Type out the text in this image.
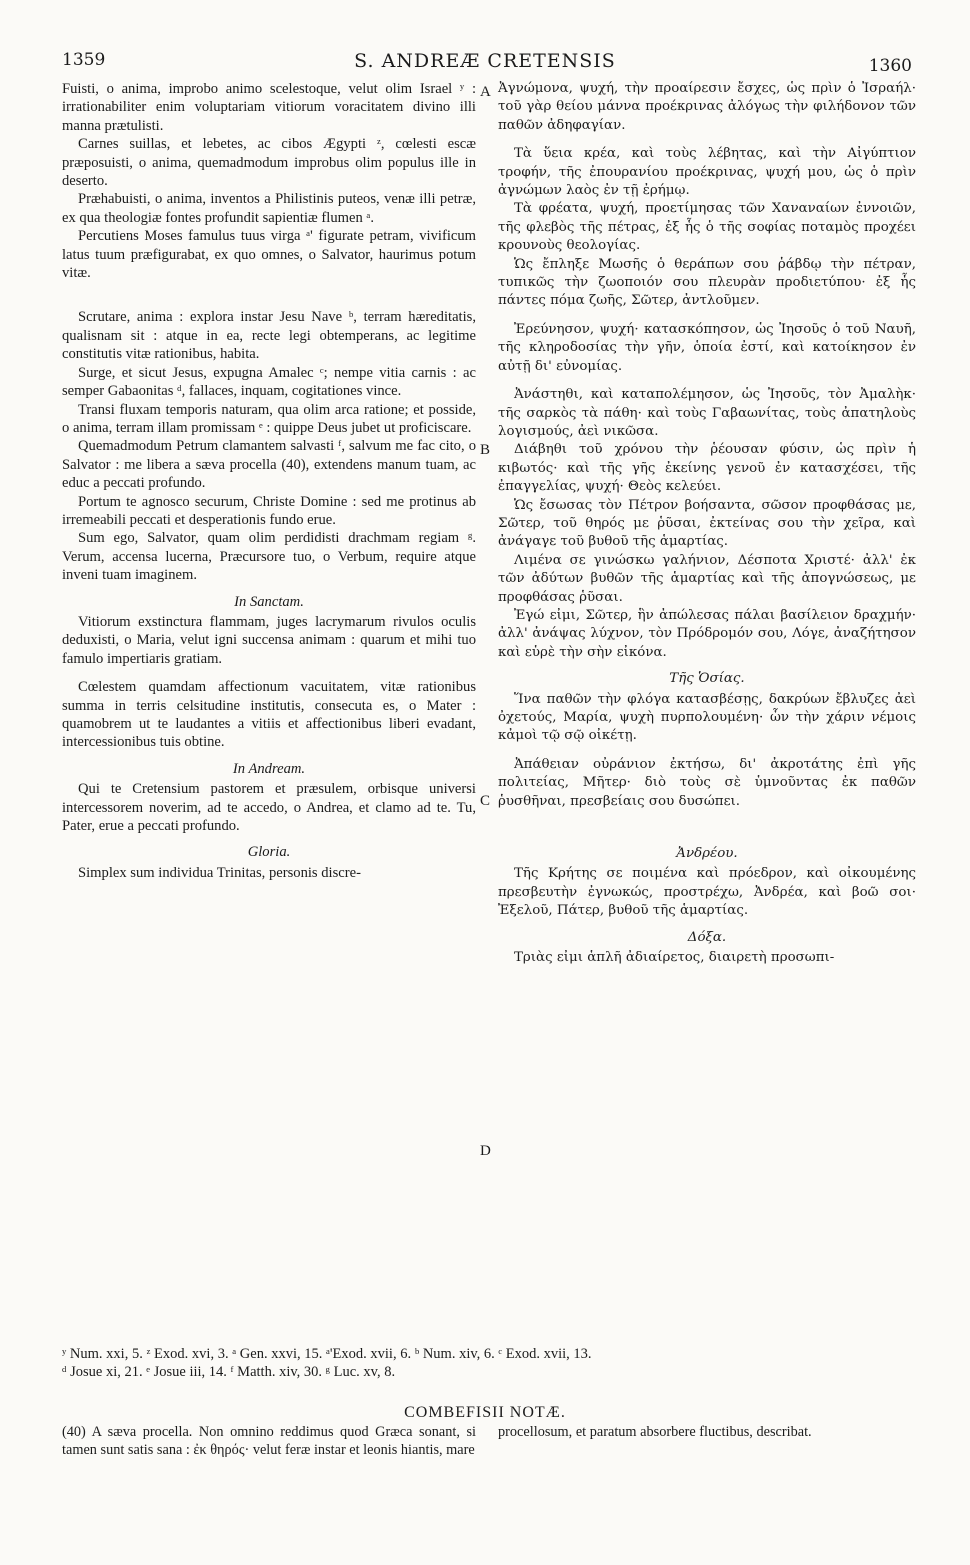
1359	S. ANDREÆ CRETENSIS	1360
A
B
C
D

Fuisti, o anima, improbo animo scelestoque, velut olim Israel ʸ : irrationabiliter enim voluptariam vitiorum voracitatem divino illi manna prætulisti.

Carnes suillas, et lebetes, ac cibos Ægypti ᶻ, cœlesti escæ præposuisti, o anima, quemadmodum improbus olim populus ille in deserto.

Præhabuisti, o anima, inventos a Philistinis puteos, venæ illi petræ, ex qua theologiæ fontes profundit sapientiæ flumen ᵃ.

Percutiens Moses famulus tuus virga ᵃ' figurate petram, vivificum latus tuum præfigurabat, ex quo omnes, o Salvator, haurimus potum vitæ.

Scrutare, anima : explora instar Jesu Nave ᵇ, terram hæreditatis, qualisnam sit : atque in ea, recte legi obtemperans, ac legitime constitutis vitæ rationibus, habita.

Surge, et sicut Jesus, expugna Amalec ᶜ; nempe vitia carnis : ac semper Gabaonitas ᵈ, fallaces, inquam, cogitationes vince.

Transi fluxam temporis naturam, qua olim arca ratione; et posside, o anima, terram illam promissam ᵉ : quippe Deus jubet ut proficiscare.

Quemadmodum Petrum clamantem salvasti ᶠ, salvum me fac cito, o Salvator : me libera a sæva procella (40), extendens manum tuam, ac educ a peccati profundo.

Portum te agnosco securum, Christe Domine : sed me protinus ab irremeabili peccati et desperationis fundo erue.

Sum ego, Salvator, quam olim perdidisti drachmam regiam ᵍ. Verum, accensa lucerna, Præcursore tuo, o Verbum, require atque inveni tuam imaginem.

In Sanctam.

Vitiorum exstinctura flammam, juges lacrymarum rivulos oculis deduxisti, o Maria, velut igni succensa animam : quarum et mihi tuo famulo impertiaris gratiam.

Cœlestem quamdam affectionum vacuitatem, vitæ rationibus summa in terris celsitudine institutis, consecuta es, o Mater : quamobrem ut te laudantes a vitiis et affectionibus liberi evadant, intercessionibus tuis obtine.

In Andream.

Qui te Cretensium pastorem et præsulem, orbisque universi intercessorem noverim, ad te accedo, o Andrea, et clamo ad te. Tu, Pater, erue a peccati profundo.

Gloria.

Simplex sum individua Trinitas, personis discre-

Ἀγνώμονα, ψυχή, τὴν προαίρεσιν ἔσχες, ὡς πρὶν ὁ Ἰσραήλ· τοῦ γὰρ θείου μάννα προέκρινας ἀλόγως τὴν φιλήδονον τῶν παθῶν ἀδηφαγίαν.

Τὰ ὕεια κρέα, καὶ τοὺς λέβητας, καὶ τὴν Αἰγύπτιον τροφήν, τῆς ἐπουρανίου προέκρινας, ψυχή μου, ὡς ὁ πρὶν ἀγνώμων λαὸς ἐν τῇ ἐρήμῳ.

Τὰ φρέατα, ψυχή, προετίμησας τῶν Χαναναίων ἐννοιῶν, τῆς φλεβὸς τῆς πέτρας, ἐξ ἧς ὁ τῆς σοφίας ποταμὸς προχέει κρουνοὺς θεολογίας.

Ὡς ἔπληξε Μωσῆς ὁ θεράπων σου ῥάβδῳ τὴν πέτραν, τυπικῶς τὴν ζωοποιόν σου πλευρὰν προδιετύπου· ἐξ ἧς πάντες πόμα ζωῆς, Σῶτερ, ἀντλοῦμεν.

Ἐρεύνησον, ψυχή· κατασκόπησον, ὡς Ἰησοῦς ὁ τοῦ Ναυῆ, τῆς κληροδοσίας τὴν γῆν, ὁποία ἐστί, καὶ κατοίκησον ἐν αὐτῇ δι' εὐνομίας.

Ἀνάστηθι, καὶ καταπολέμησον, ὡς Ἰησοῦς, τὸν Ἀμαλὴκ· τῆς σαρκὸς τὰ πάθη· καὶ τοὺς Γαβαωνίτας, τοὺς ἀπατηλοὺς λογισμούς, ἀεὶ νικῶσα.

Διάβηθι τοῦ χρόνου τὴν ῥέουσαν φύσιν, ὡς πρὶν ἡ κιβωτός· καὶ τῆς γῆς ἐκείνης γενοῦ ἐν κατασχέσει, τῆς ἐπαγγελίας, ψυχή· Θεὸς κελεύει.

Ὡς ἔσωσας τὸν Πέτρον βοήσαντα, σῶσον προφθάσας με, Σῶτερ, τοῦ θηρός με ῥῦσαι, ἐκτείνας σου τὴν χεῖρα, καὶ ἀνάγαγε τοῦ βυθοῦ τῆς ἁμαρτίας.

Λιμένα σε γινώσκω γαλήνιον, Δέσποτα Χριστέ· ἀλλ' ἐκ τῶν ἀδύτων βυθῶν τῆς ἁμαρτίας καὶ τῆς ἀπογνώσεως, με προφθάσας ῥῦσαι.

Ἐγώ εἰμι, Σῶτερ, ἣν ἀπώλεσας πάλαι βασίλειον δραχμήν· ἀλλ' ἀνάψας λύχνον, τὸν Πρόδρομόν σου, Λόγε, ἀναζήτησον καὶ εὑρὲ τὴν σὴν εἰκόνα.

Τῆς Ὁσίας.

Ἵνα παθῶν τὴν φλόγα κατασβέσῃς, δακρύων ἔβλυζες ἀεὶ ὀχετούς, Μαρία, ψυχὴ πυρπολουμένη· ὧν τὴν χάριν νέμοις κἀμοὶ τῷ σῷ οἰκέτῃ.

Ἀπάθειαν οὐράνιον ἐκτήσω, δι' ἀκροτάτης ἐπὶ γῆς πολιτείας, Μῆτερ· διὸ τοὺς σὲ ὑμνοῦντας ἐκ παθῶν ῥυσθῆναι, πρεσβείαις σου δυσώπει.

Ἀνδρέου.

Τῆς Κρήτης σε ποιμένα καὶ πρόεδρον, καὶ οἰκουμένης πρεσβευτὴν ἐγνωκώς, προστρέχω, Ἀνδρέα, καὶ βοῶ σοι· Ἐξελοῦ, Πάτερ, βυθοῦ τῆς ἁμαρτίας.

Δόξα.

Τριὰς εἰμι ἁπλῆ ἀδιαίρετος, διαιρετὴ προσωπι-

ʸ Num. xxi, 5. ᶻ Exod. xvi, 3. ᵃ Gen. xxvi, 15. ᵃ'Exod. xvii, 6. ᵇ Num. xiv, 6. ᶜ Exod. xvii, 13.
ᵈ Josue xi, 21. ᵉ Josue iii, 14. ᶠ Matth. xiv, 30. ᵍ Luc. xv, 8.
COMBEFISII NOTÆ.
(40) A sæva procella. Non omnino reddimus quod Græca sonant, si tamen sunt satis sana : ἐκ θηρός· velut feræ instar et leonis hiantis, mare
procellosum, et paratum absorbere fluctibus, describat.
